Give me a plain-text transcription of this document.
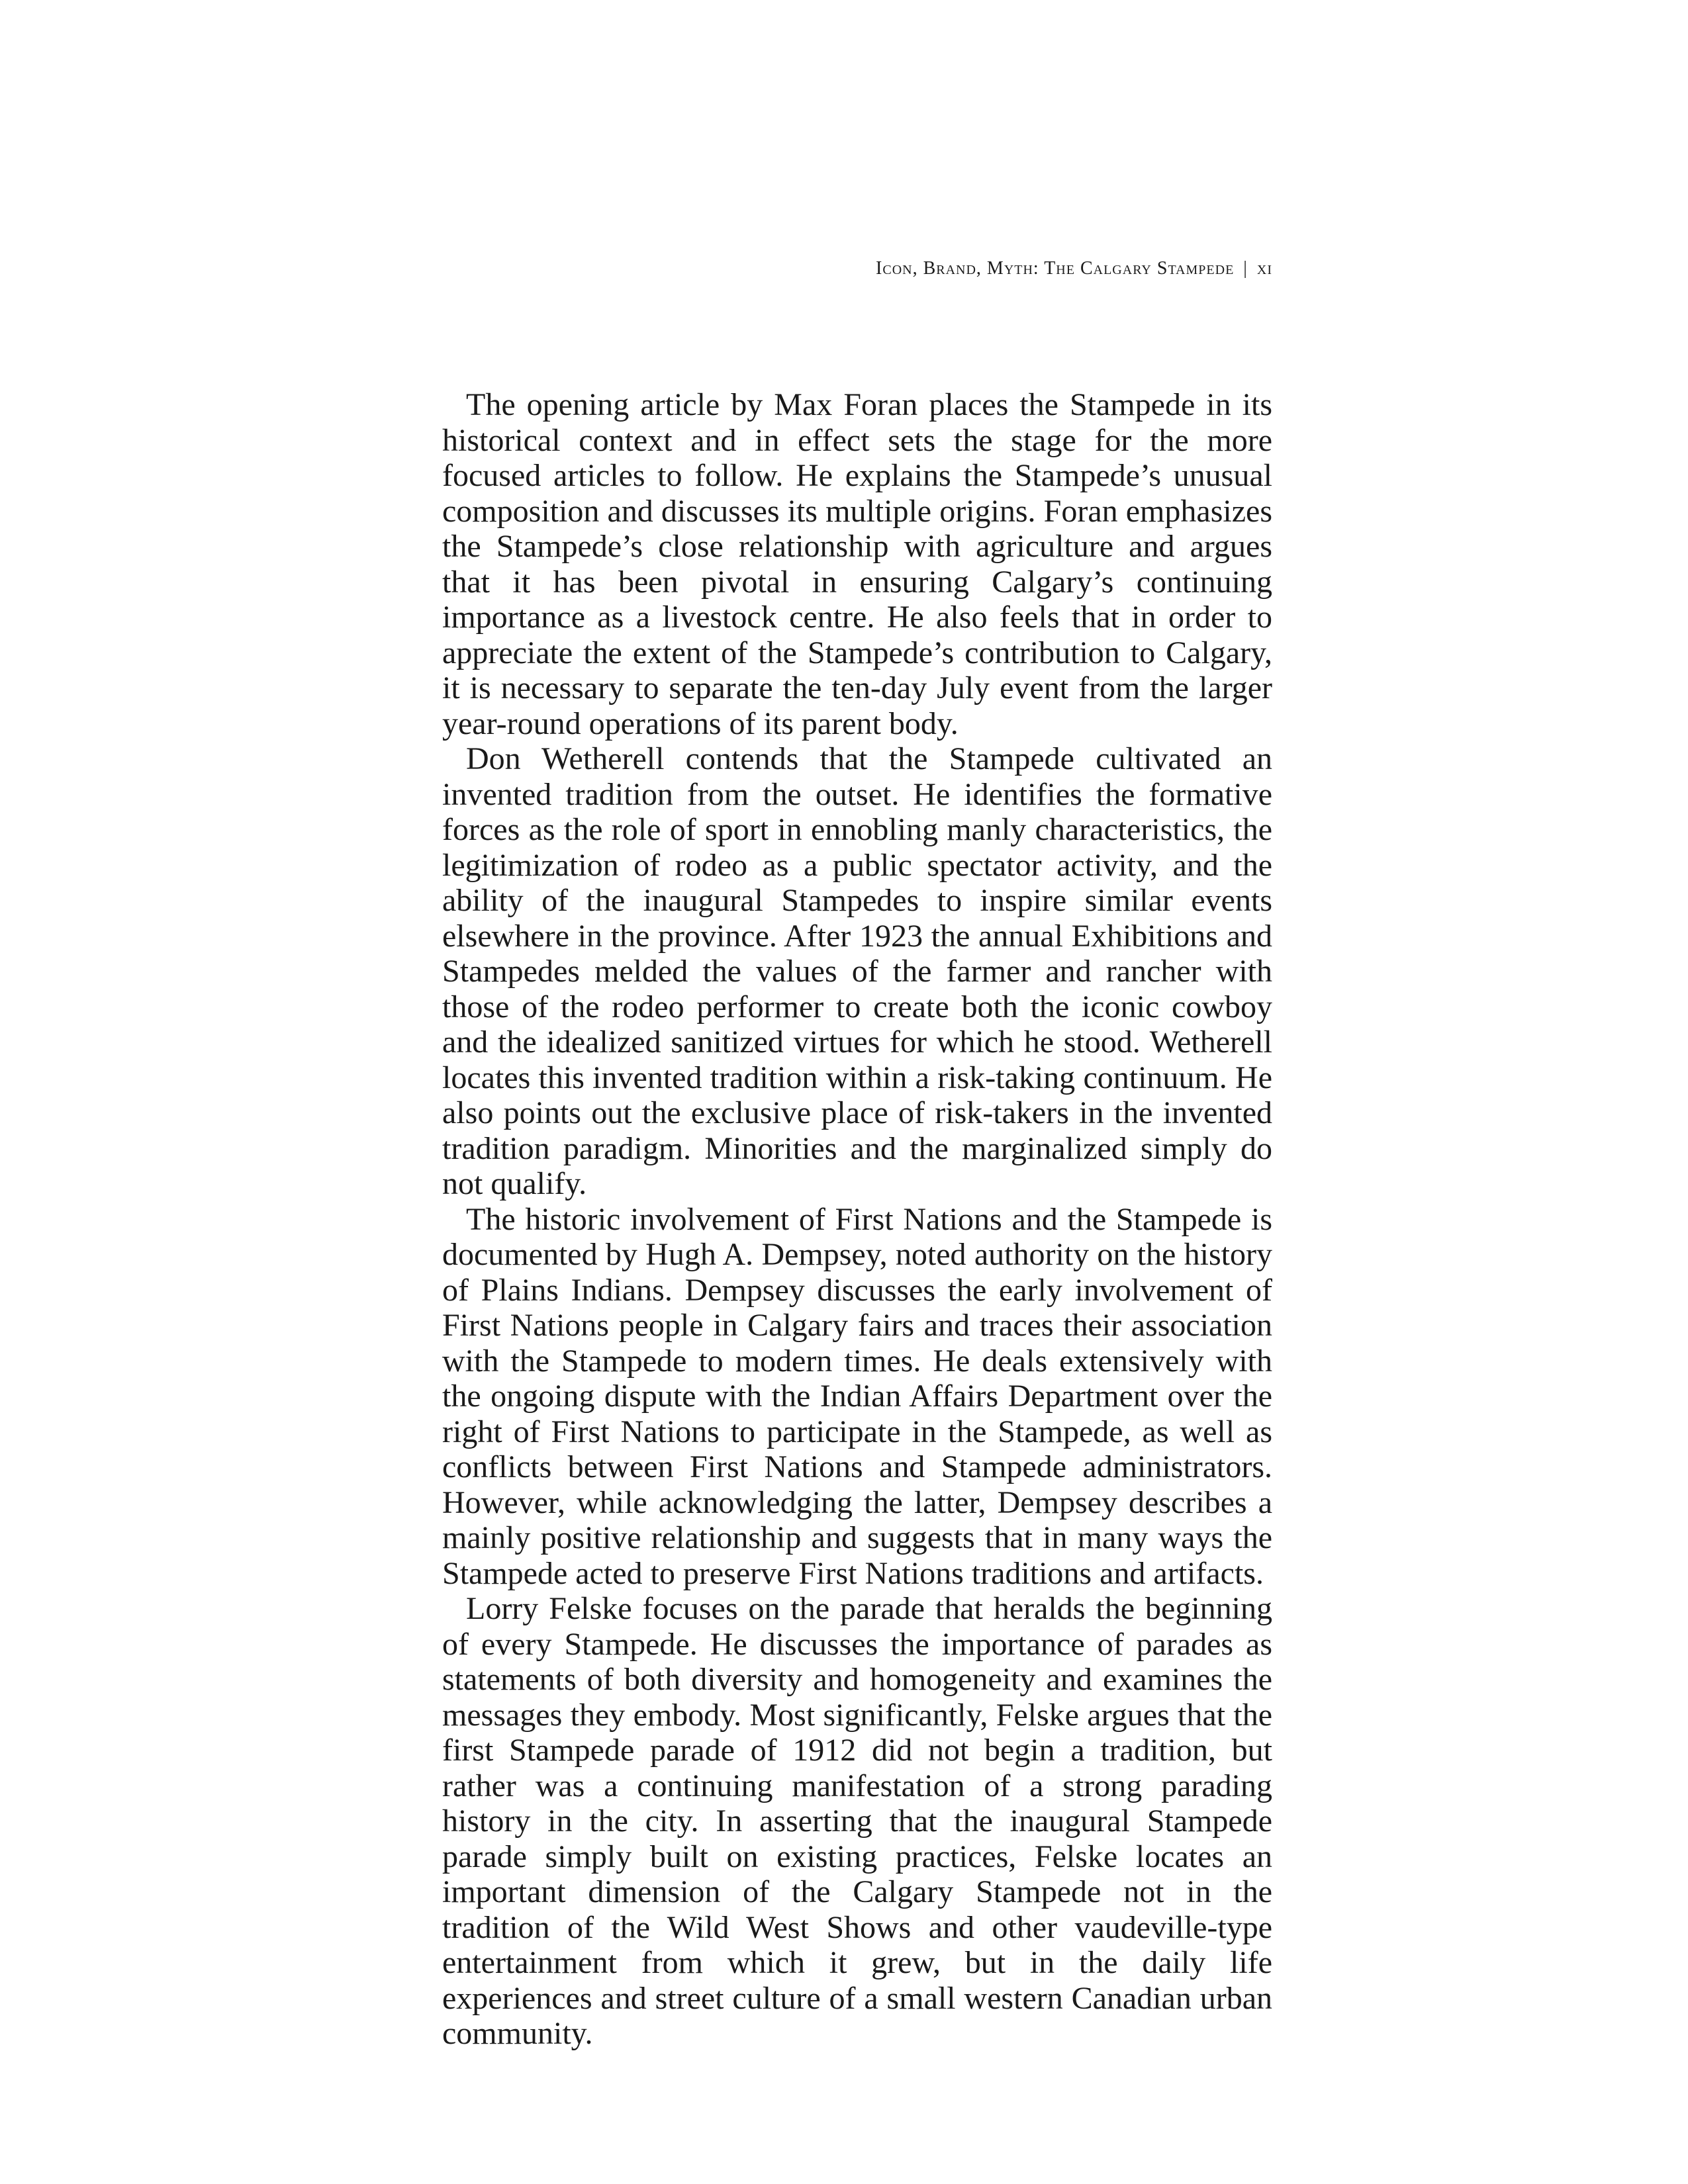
Icon, Brand, Myth: The Calgary Stampede | xi

The opening article by Max Foran places the Stampede in its historical context and in effect sets the stage for the more focused articles to follow. He explains the Stampede’s unusual composition and discusses its multiple origins. Foran emphasizes the Stampede’s close relationship with agriculture and argues that it has been pivotal in ensuring Calgary’s continuing importance as a livestock centre. He also feels that in order to appreciate the extent of the Stampede’s contribution to Calgary, it is necessary to separate the ten-day July event from the larger year-round operations of its parent body.

Don Wetherell contends that the Stampede cultivated an invented tradition from the outset. He identifies the formative forces as the role of sport in ennobling manly characteristics, the legitimization of rodeo as a public spectator activity, and the ability of the inaugural Stampedes to inspire similar events elsewhere in the province. After 1923 the annual Exhibitions and Stampedes melded the values of the farmer and rancher with those of the rodeo performer to create both the iconic cowboy and the idealized sanitized virtues for which he stood. Wetherell locates this invented tradition within a risk-taking continuum. He also points out the exclusive place of risk-takers in the invented tradition paradigm. Minorities and the marginalized simply do not qualify.

The historic involvement of First Nations and the Stampede is documented by Hugh A. Dempsey, noted authority on the history of Plains Indians. Dempsey discusses the early involvement of First Nations people in Calgary fairs and traces their association with the Stampede to modern times. He deals extensively with the ongoing dispute with the Indian Affairs Department over the right of First Nations to participate in the Stampede, as well as conflicts between First Nations and Stampede administrators. However, while acknowledging the latter, Dempsey describes a mainly positive relationship and suggests that in many ways the Stampede acted to preserve First Nations traditions and artifacts.

Lorry Felske focuses on the parade that heralds the beginning of every Stampede. He discusses the importance of parades as statements of both diversity and homogeneity and examines the messages they embody. Most significantly, Felske argues that the first Stampede parade of 1912 did not begin a tradition, but rather was a continuing manifestation of a strong parading history in the city. In asserting that the inaugural Stampede parade simply built on existing practices, Felske locates an important dimension of the Calgary Stampede not in the tradition of the Wild West Shows and other vaudeville-type entertainment from which it grew, but in the daily life experiences and street culture of a small western Canadian urban community.
